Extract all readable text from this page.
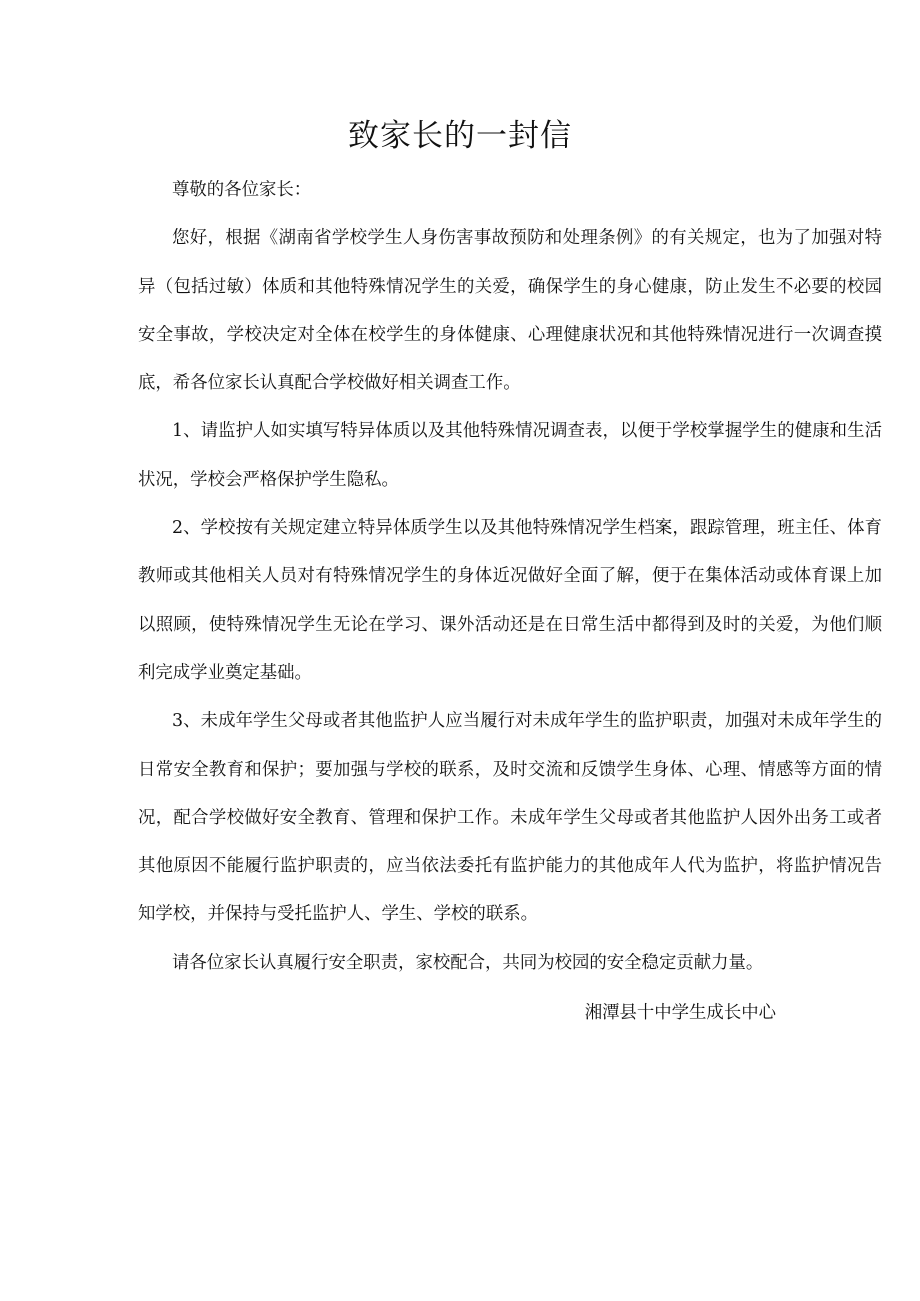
致家长的一封信

尊敬的各位家长：

您好，根据《湖南省学校学生人身伤害事故预防和处理条例》的有关规定，也为了加强对特异（包括过敏）体质和其他特殊情况学生的关爱，确保学生的身心健康，防止发生不必要的校园安全事故，学校决定对全体在校学生的身体健康、心理健康状况和其他特殊情况进行一次调查摸底，希各位家长认真配合学校做好相关调查工作。

1、请监护人如实填写特异体质以及其他特殊情况调查表，以便于学校掌握学生的健康和生活状况，学校会严格保护学生隐私。

2、学校按有关规定建立特异体质学生以及其他特殊情况学生档案，跟踪管理，班主任、体育教师或其他相关人员对有特殊情况学生的身体近况做好全面了解，便于在集体活动或体育课上加以照顾，使特殊情况学生无论在学习、课外活动还是在日常生活中都得到及时的关爱，为他们顺利完成学业奠定基础。

3、未成年学生父母或者其他监护人应当履行对未成年学生的监护职责，加强对未成年学生的日常安全教育和保护；要加强与学校的联系，及时交流和反馈学生身体、心理、情感等方面的情况，配合学校做好安全教育、管理和保护工作。未成年学生父母或者其他监护人因外出务工或者其他原因不能履行监护职责的，应当依法委托有监护能力的其他成年人代为监护，将监护情况告知学校，并保持与受托监护人、学生、学校的联系。

请各位家长认真履行安全职责，家校配合，共同为校园的安全稳定贡献力量。

湘潭县十中学生成长中心
